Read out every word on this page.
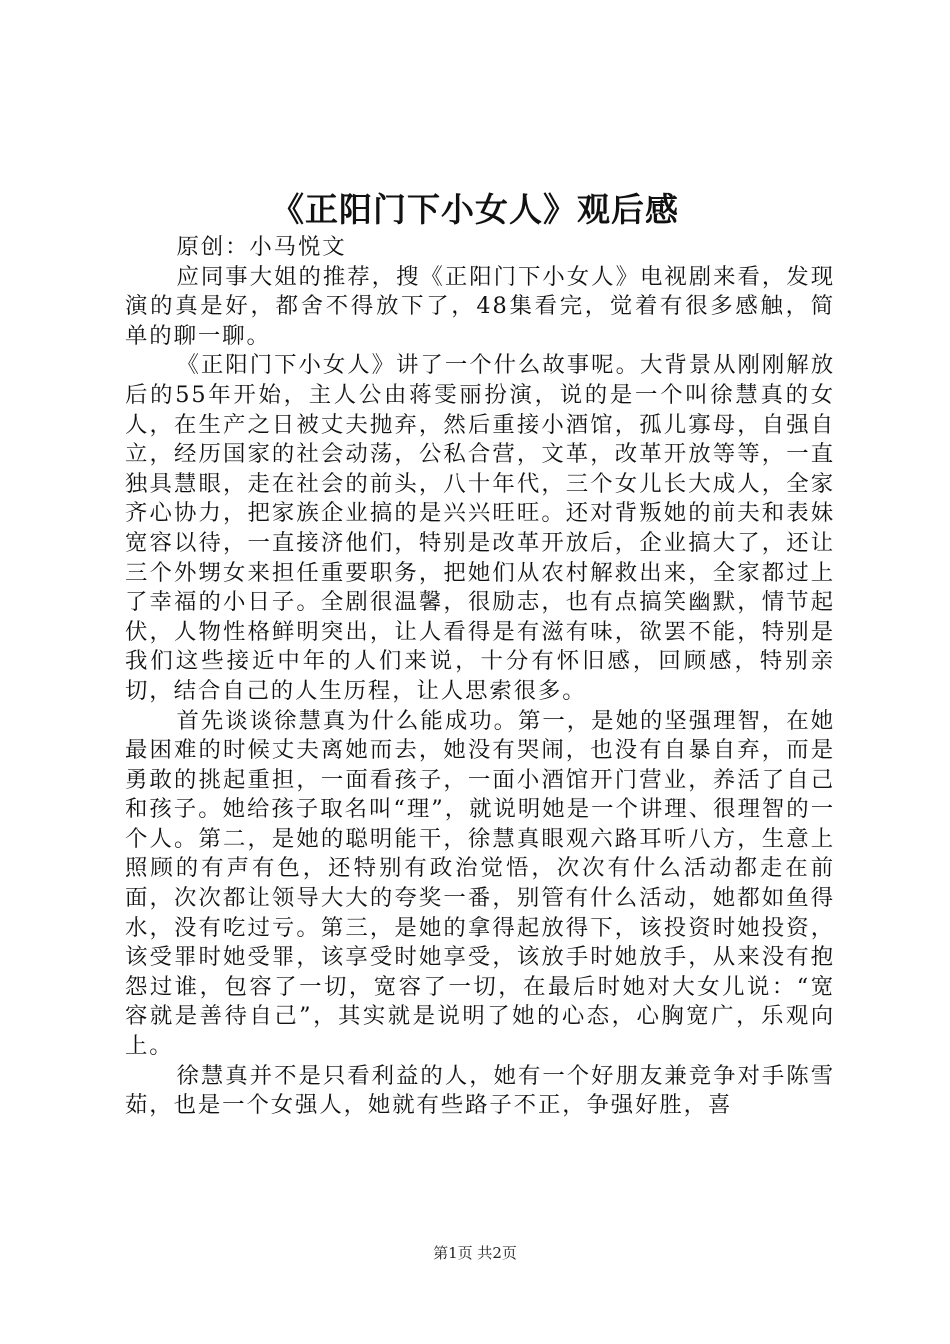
《正阳门下小女人》观后感

原创：小马悦文

应同事大姐的推荐，搜《正阳门下小女人》电视剧来看，发现演的真是好，都舍不得放下了，48集看完，觉着有很多感触，简单的聊一聊。

《正阳门下小女人》讲了一个什么故事呢。大背景从刚刚解放后的55年开始，主人公由蒋雯丽扮演，说的是一个叫徐慧真的女人，在生产之日被丈夫抛弃，然后重接小酒馆，孤儿寡母，自强自立，经历国家的社会动荡，公私合营，文革，改革开放等等，一直独具慧眼，走在社会的前头，八十年代，三个女儿长大成人，全家齐心协力，把家族企业搞的是兴兴旺旺。还对背叛她的前夫和表妹宽容以待，一直接济他们，特别是改革开放后，企业搞大了，还让三个外甥女来担任重要职务，把她们从农村解救出来，全家都过上了幸福的小日子。全剧很温馨，很励志，也有点搞笑幽默，情节起伏，人物性格鲜明突出，让人看得是有滋有味，欲罢不能，特别是我们这些接近中年的人们来说，十分有怀旧感，回顾感，特别亲切，结合自己的人生历程，让人思索很多。

首先谈谈徐慧真为什么能成功。第一，是她的坚强理智，在她最困难的时候丈夫离她而去，她没有哭闹，也没有自暴自弃，而是勇敢的挑起重担，一面看孩子，一面小酒馆开门营业，养活了自己和孩子。她给孩子取名叫“理”，就说明她是一个讲理、很理智的一个人。第二，是她的聪明能干，徐慧真眼观六路耳听八方，生意上照顾的有声有色，还特别有政治觉悟，次次有什么活动都走在前面，次次都让领导大大的夸奖一番，别管有什么活动，她都如鱼得水，没有吃过亏。第三，是她的拿得起放得下，该投资时她投资，该受罪时她受罪，该享受时她享受，该放手时她放手，从来没有抱怨过谁，包容了一切，宽容了一切，在最后时她对大女儿说：“宽容就是善待自己”，其实就是说明了她的心态，心胸宽广，乐观向上。

徐慧真并不是只看利益的人，她有一个好朋友兼竞争对手陈雪茹，也是一个女强人，她就有些路子不正，争强好胜，喜

第1页 共2页
